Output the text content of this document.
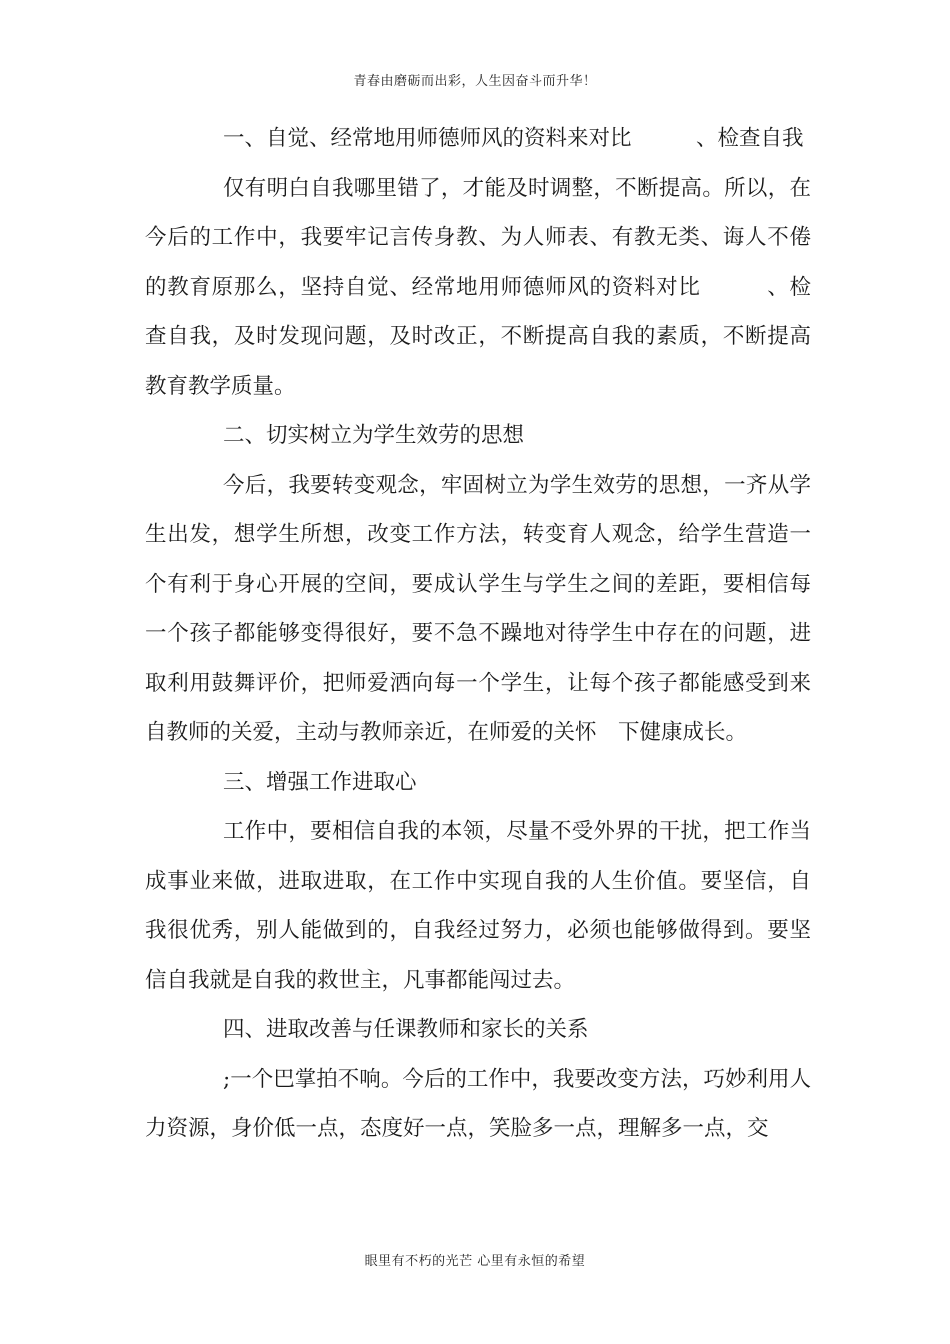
青春由磨砺而出彩，人生因奋斗而升华！

一、自觉、经常地用师德师风的资料来对比　　　、检查自我

仅有明白自我哪里错了，才能及时调整，不断提高。所以，在今后的工作中，我要牢记言传身教、为人师表、有教无类、诲人不倦的教育原那么，坚持自觉、经常地用师德师风的资料对比　　　、检查自我，及时发现问题，及时改正，不断提高自我的素质，不断提高教育教学质量。

二、切实树立为学生效劳的思想

今后，我要转变观念，牢固树立为学生效劳的思想，一齐从学生出发，想学生所想，改变工作方法，转变育人观念，给学生营造一个有利于身心开展的空间，要成认学生与学生之间的差距，要相信每一个孩子都能够变得很好，要不急不躁地对待学生中存在的问题，进取利用鼓舞评价，把师爱洒向每一个学生，让每个孩子都能感受到来自教师的关爱，主动与教师亲近，在师爱的关怀　下健康成长。

三、增强工作进取心

工作中，要相信自我的本领，尽量不受外界的干扰，把工作当成事业来做，进取进取，在工作中实现自我的人生价值。要坚信，自我很优秀，别人能做到的，自我经过努力，必须也能够做得到。要坚信自我就是自我的救世主，凡事都能闯过去。

四、进取改善与任课教师和家长的关系

;一个巴掌拍不响。今后的工作中，我要改变方法，巧妙利用人力资源，身价低一点，态度好一点，笑脸多一点，理解多一点，交

眼里有不朽的光芒 心里有永恒的希望
